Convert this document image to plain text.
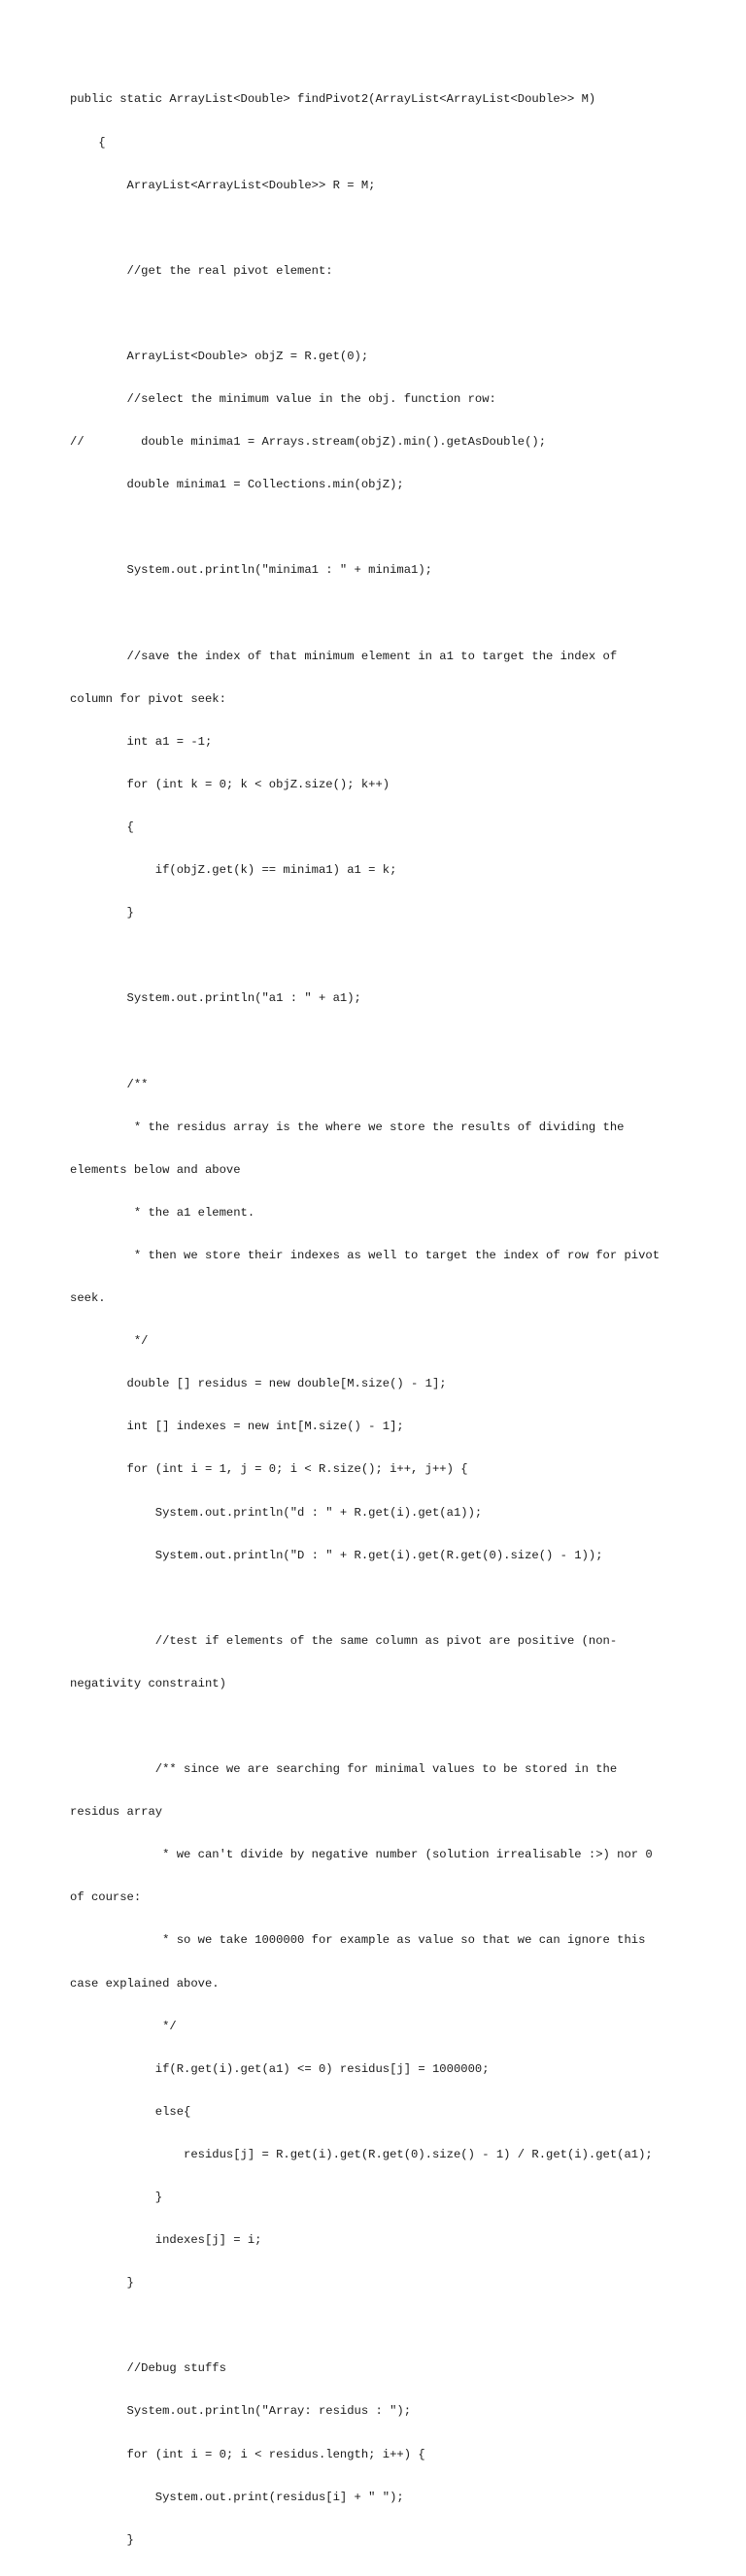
public static ArrayList<Double> findPivot2(ArrayList<ArrayList<Double>> M)

{

ArrayList<ArrayList<Double>> R = M;

//get the real pivot element:

ArrayList<Double> objZ = R.get(0);

//select the minimum value in the obj. function row:

//        double minima1 = Arrays.stream(objZ).min().getAsDouble();

double minima1 = Collections.min(objZ);

System.out.println("minima1 : " + minima1);

//save the index of that minimum element in a1 to target the index of

column for pivot seek:

int a1 = -1;

for (int k = 0; k < objZ.size(); k++)

{

if(objZ.get(k) == minima1) a1 = k;

}

System.out.println("a1 : " + a1);

/**

* the residus array is the where we store the results of dividing the

elements below and above

* the a1 element.

* then we store their indexes as well to target the index of row for pivot

seek.

*/

double [] residus = new double[M.size() - 1];

int [] indexes = new int[M.size() - 1];

for (int i = 1, j = 0; i < R.size(); i++, j++) {

System.out.println("d : " + R.get(i).get(a1));

System.out.println("D : " + R.get(i).get(R.get(0).size() - 1));

//test if elements of the same column as pivot are positive (non-

negativity constraint)

/** since we are searching for minimal values to be stored in the

residus array

* we can't divide by negative number (solution irrealisable :>) nor 0

of course:

* so we take 1000000 for example as value so that we can ignore this

case explained above.

*/

if(R.get(i).get(a1) <= 0) residus[j] = 1000000;

else{

residus[j] = R.get(i).get(R.get(0).size() - 1) / R.get(i).get(a1);

}

indexes[j] = i;

}

//Debug stuffs

System.out.println("Array: residus : ");

for (int i = 0; i < residus.length; i++) {

System.out.print(residus[i] + " ");

}
